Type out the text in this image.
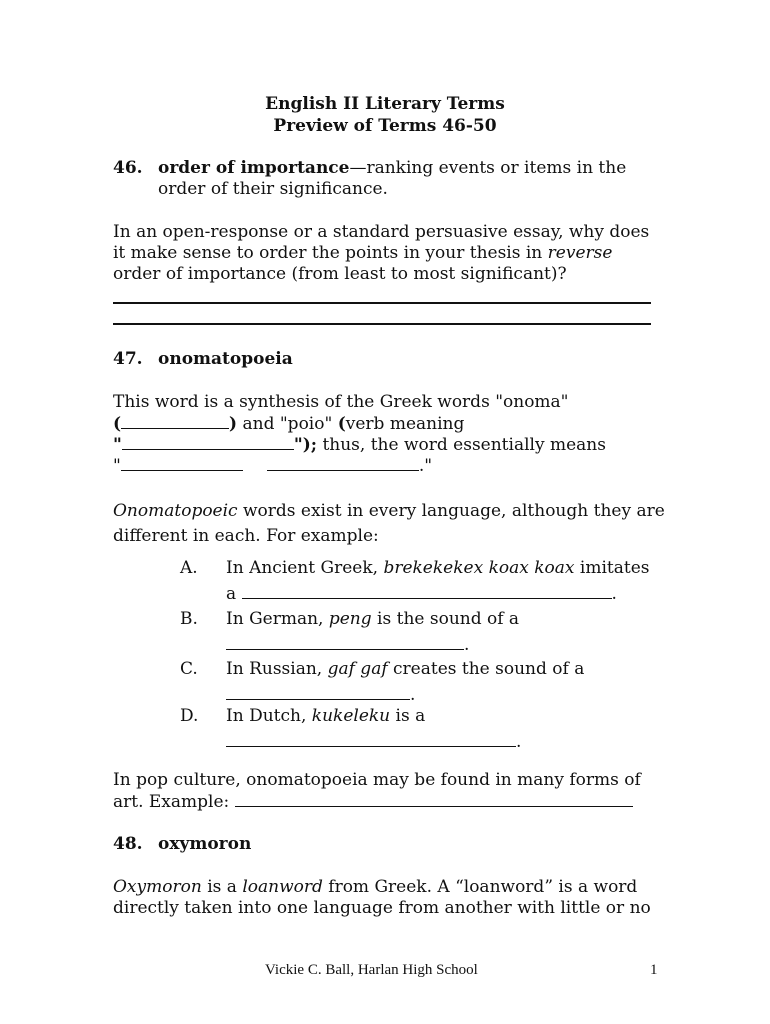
English II Literary Terms
Preview of Terms 46-50
46. order of importance—ranking events or items in the
order of their significance.
In an open-response or a standard persuasive essay, why does
it make sense to order the points in your thesis in reverse
order of importance (from least to most significant)?
47. onomatopoeia
This word is a synthesis of the Greek words "onoma"
(	) and "poio" (verb meaning
"	"); thus, the word essentially means
"	."
Onomatopoeic words exist in every language, although they are
different in each. For example:
A. In Ancient Greek, brekekekex koax koax imitates
a	.
B. In German, peng is the sound of a
.
C. In Russian, gaf gaf creates the sound of a
.
D. In Dutch, kukeleku is a
.
In pop culture, onomatopoeia may be found in many forms of
art. Example:
48. oxymoron
Oxymoron is a loanword from Greek. A “loanword” is a word
directly taken into one language from another with little or no
Vickie C. Ball, Harlan High School	1
